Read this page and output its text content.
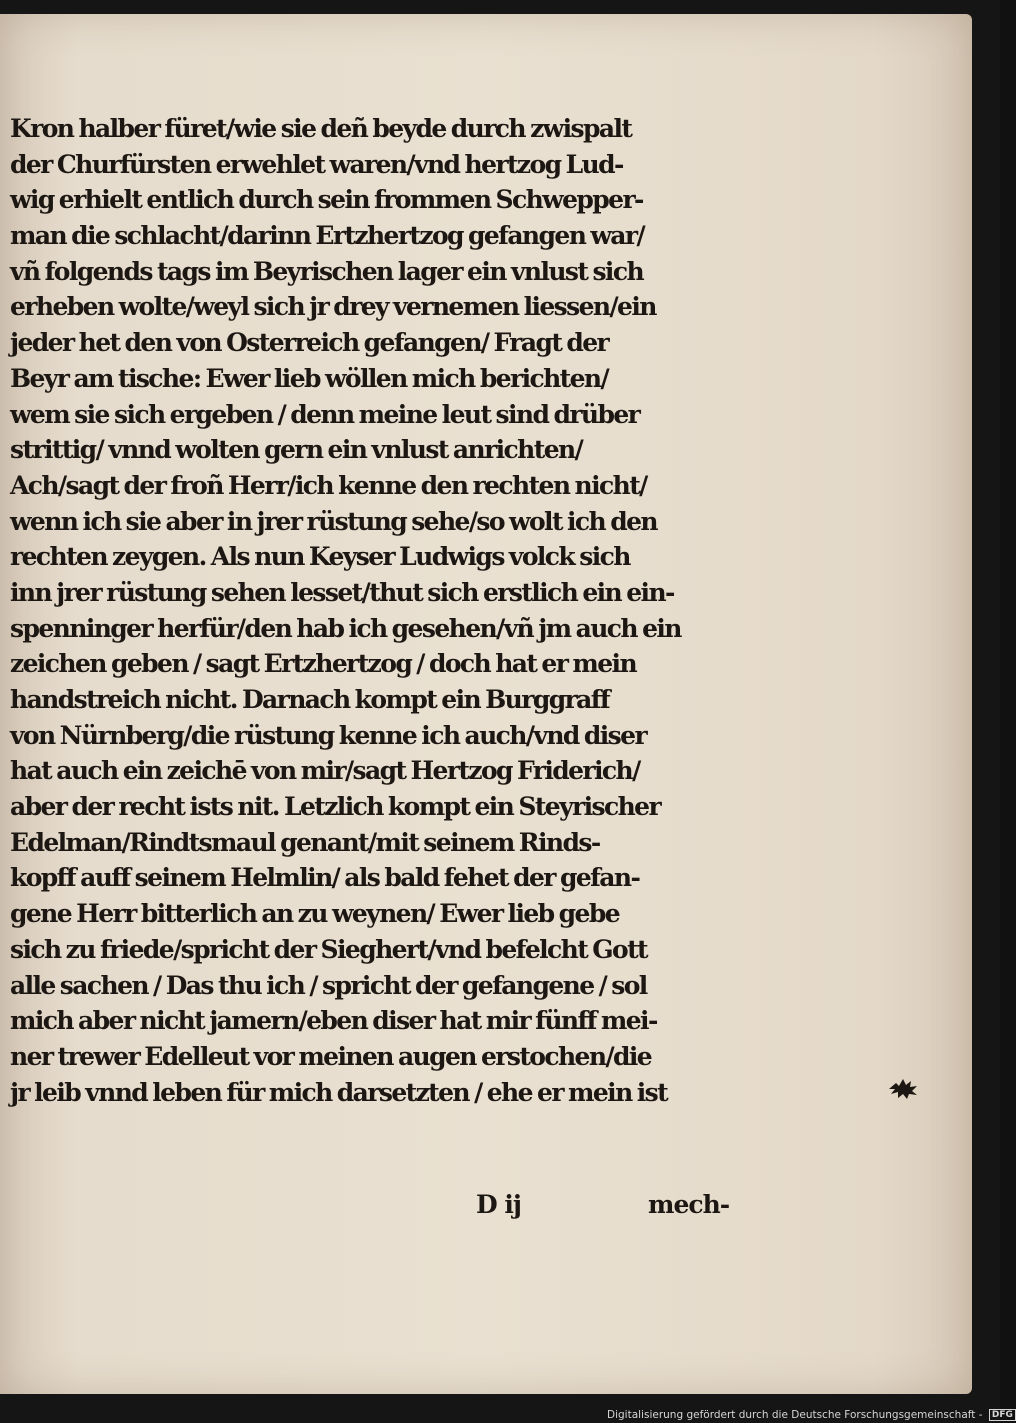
Kron halber füret/wie sie deñ beyde durch zwispalt
der Churfürsten erwehlet waren/vnd hertzog Lud-
wig erhielt entlich durch sein frommen Schwepper-
man die schlacht/darinn Ertzhertzog gefangen war/
vñ folgends tags im Beyrischen lager ein vnlust sich
erheben wolte/weyl sich jr drey vernemen liessen/ein
jeder het den von Osterreich gefangen/ Fragt der
Beyr am tische: Ewer lieb wöllen mich berichten/
wem sie sich ergeben / denn meine leut sind drüber
strittig/ vnnd wolten gern ein vnlust anrichten/
Ach/sagt der froñ Herr/ich kenne den rechten nicht/
wenn ich sie aber in jrer rüstung sehe/so wolt ich den
rechten zeygen. Als nun Keyser Ludwigs volck sich
inn jrer rüstung sehen lesset/thut sich erstlich ein ein-
spenninger herfür/den hab ich gesehen/vñ jm auch ein
zeichen geben / sagt Ertzhertzog / doch hat er mein
handstreich nicht. Darnach kompt ein Burggraff
von Nürnberg/die rüstung kenne ich auch/vnd diser
hat auch ein zeichē von mir/sagt Hertzog Friderich/
aber der recht ists nit. Letzlich kompt ein Steyrischer
Edelman/Rindtsmaul genant/mit seinem Rinds-
kopff auff seinem Helmlin/ als bald fehet der gefan-
gene Herr bitterlich an zu weynen/ Ewer lieb gebe
sich zu friede/spricht der Sieghert/vnd befelcht Gott
alle sachen / Das thu ich / spricht der gefangene / sol
mich aber nicht jamern/eben diser hat mir fünff mei-
ner trewer Edelleut vor meinen augen erstochen/die
jr leib vnnd leben für mich darsetzten / ehe er mein ist
D ij	mech-
Digitalisierung gefördert durch die Deutsche Forschungsgemeinschaft - DFG
